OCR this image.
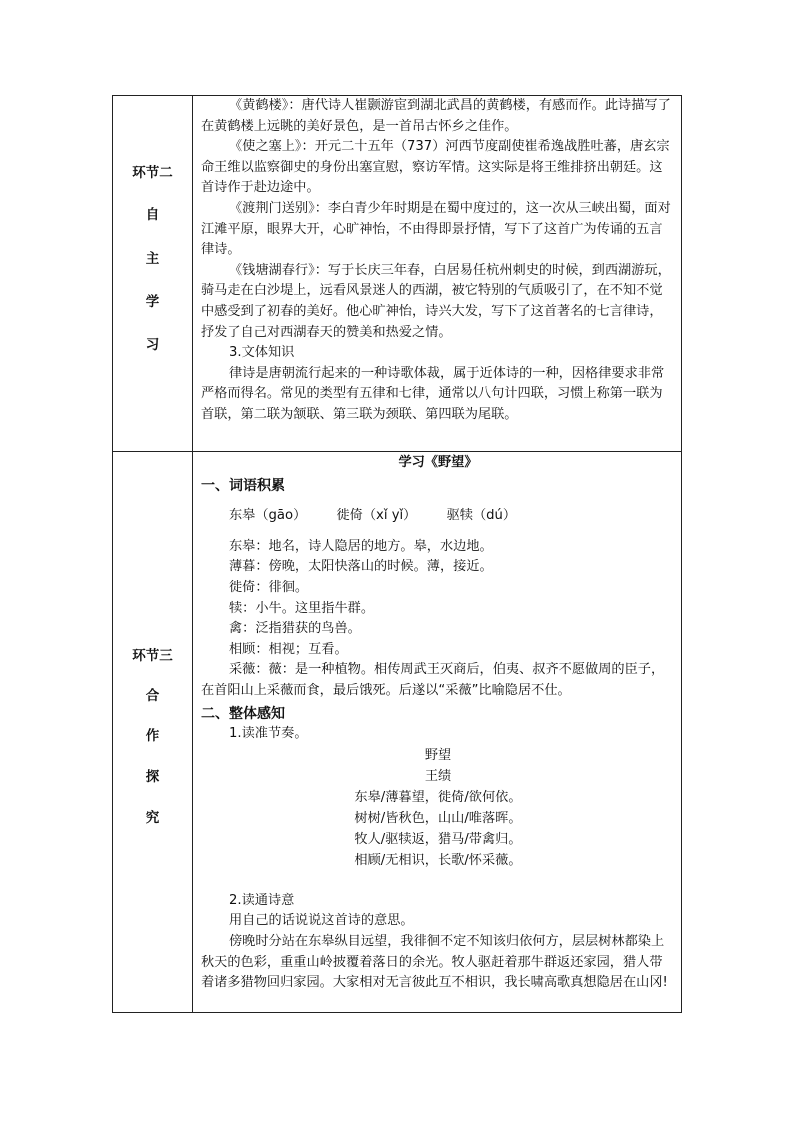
环节二
自
主
学
习

《黄鹤楼》：唐代诗人崔颢游宦到湖北武昌的黄鹤楼，有感而作。此诗描写了在黄鹤楼上远眺的美好景色，是一首吊古怀乡之佳作。

《使之塞上》：开元二十五年（737）河西节度副使崔希逸战胜吐蕃，唐玄宗命王维以监察御史的身份出塞宣慰，察访军情。这实际是将王维排挤出朝廷。这首诗作于赴边途中。

《渡荆门送别》：李白青少年时期是在蜀中度过的，这一次从三峡出蜀，面对江滩平原，眼界大开，心旷神怡，不由得即景抒情，写下了这首广为传诵的五言律诗。

《钱塘湖春行》：写于长庆三年春，白居易任杭州刺史的时候，到西湖游玩，骑马走在白沙堤上，远看风景迷人的西湖，被它特别的气质吸引了，在不知不觉中感受到了初春的美好。他心旷神怡，诗兴大发，写下了这首著名的七言律诗，抒发了自己对西湖春天的赞美和热爱之情。

3.文体知识

律诗是唐朝流行起来的一种诗歌体裁，属于近体诗的一种，因格律要求非常严格而得名。常见的类型有五律和七律，通常以八句计四联，习惯上称第一联为首联，第二联为颔联、第三联为颈联、第四联为尾联。

环节三
合
作
探
究

学习《野望》

一、词语积累

东皋（gāo） 徙倚（xǐ yǐ） 驱犊（dú）

东皋：地名，诗人隐居的地方。皋，水边地。

薄暮：傍晚，太阳快落山的时候。薄，接近。

徙倚：徘徊。

犊：小牛。这里指牛群。

禽：泛指猎获的鸟兽。

相顾：相视；互看。

采薇：薇：是一种植物。相传周武王灭商后，伯夷、叔齐不愿做周的臣子，在首阳山上采薇而食，最后饿死。后遂以“采薇”比喻隐居不仕。

二、整体感知

1.读准节奏。

野望

王绩

东皋/薄暮望，徙倚/欲何依。

树树/皆秋色，山山/唯落晖。

牧人/驱犊返，猎马/带禽归。

相顾/无相识，长歌/怀采薇。

2.读通诗意

用自己的话说说这首诗的意思。

傍晚时分站在东皋纵目远望，我徘徊不定不知该归依何方，层层树林都染上秋天的色彩，重重山岭披覆着落日的余光。牧人驱赶着那牛群返还家园，猎人带着诸多猎物回归家园。大家相对无言彼此互不相识，我长啸高歌真想隐居在山冈!
